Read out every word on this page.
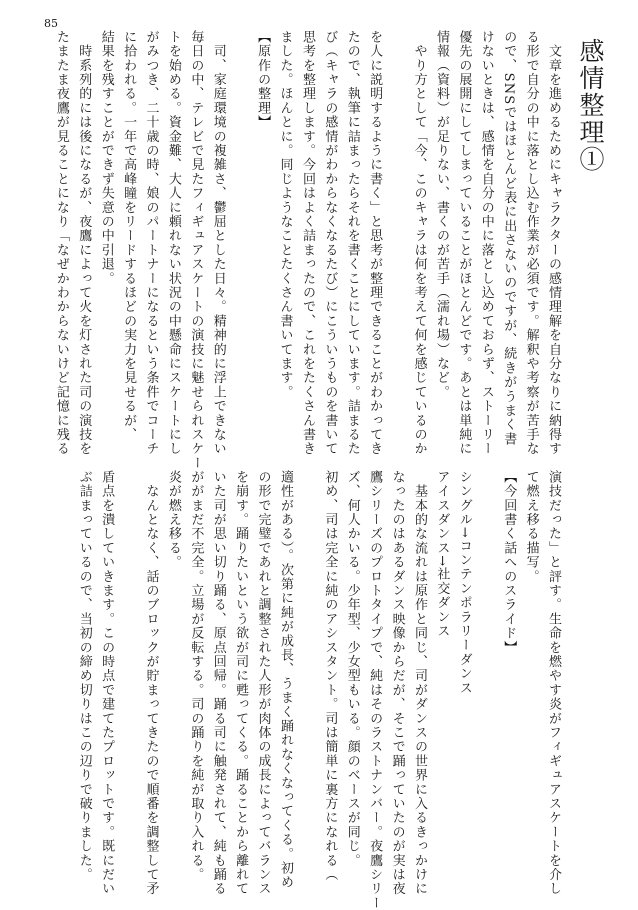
85
感情整理①
　文章を進めるためにキャラクターの感情理解を自分なりに納得す
る形で自分の中に落とし込む作業が必須です。解釈や考察が苦手な
ので、SNSではほとんど表に出さないのですが、続きがうまく書
けないときは、感情を自分の中に落とし込めておらず、ストーリー
優先の展開にしてしまっていることがほとんどです。あとは単純に
情報（資料）が足りない、書くのが苦手（濡れ場）など。
　やり方として「今、このキャラは何を考えて何を感じているのか
を人に説明するように書く」と思考が整理できることがわかってき
たので、執筆に詰まったらそれを書くことにしています。詰まるた
び（キャラの感情がわからなくなるたび）にこういうものを書いて
思考を整理します。今回はよく詰まったので、これをたくさん書き
ました。ほんとに。同じようなことたくさん書いてます。
【原作の整理】
　司、家庭環境の複雑さ、鬱屈とした日々。精神的に浮上できない
毎日の中、テレビで見たフィギュアスケートの演技に魅せられスケー
トを始める。資金難、大人に頼れない状況の中懸命にスケートにし
がみつき、二十歳の時、娘のパートナーになるという条件でコーチ
に拾われる。一年で高峰瞳をリードするほどの実力を見せるが、
結果を残すことができず失意の中引退。
　時系列的には後になるが、夜鷹によって火を灯された司の演技を
たまたま夜鷹が見ることになり「なぜかわからないけど記憶に残る
演技だった」と評す。生命を燃やす炎がフィギュアスケートを介し
て燃え移る描写。
【今回書く話へのスライド】
シングル→コンテンポラリーダンス
アイスダンス→社交ダンス
　基本的な流れは原作と同じ、司がダンスの世界に入るきっかけに
なったのはあるダンス映像からだが、そこで踊っていたのが実は夜
鷹シリーズのプロトタイプで、純はそのラストナンバー。夜鷹シリー
ズ、何人かいる。少年型、少女型もいる。顔のベースが同じ。
初め、司は完全に純のアシスタント。司は簡単に裏方になれる（
適性がある）。次第に純が成長、うまく踊れなくなってくる。初め
の形で完璧であれと調整された人形が肉体の成長によってバランス
を崩す。踊りたいという欲が司に甦ってくる。踊ることから離れて
いた司が思い切り踊る、原点回帰。踊る司に触発されて、純も踊る
ががまだ不完全。立場が反転する。司の踊りを純が取り入れる。
炎が燃え移る。
　なんとなく、話のブロックが貯まってきたので順番を調整して矛
盾点を潰していきます。この時点で建てたプロットです。既にだい
ぶ詰まっているので、当初の締め切りはこの辺りで破りました。
